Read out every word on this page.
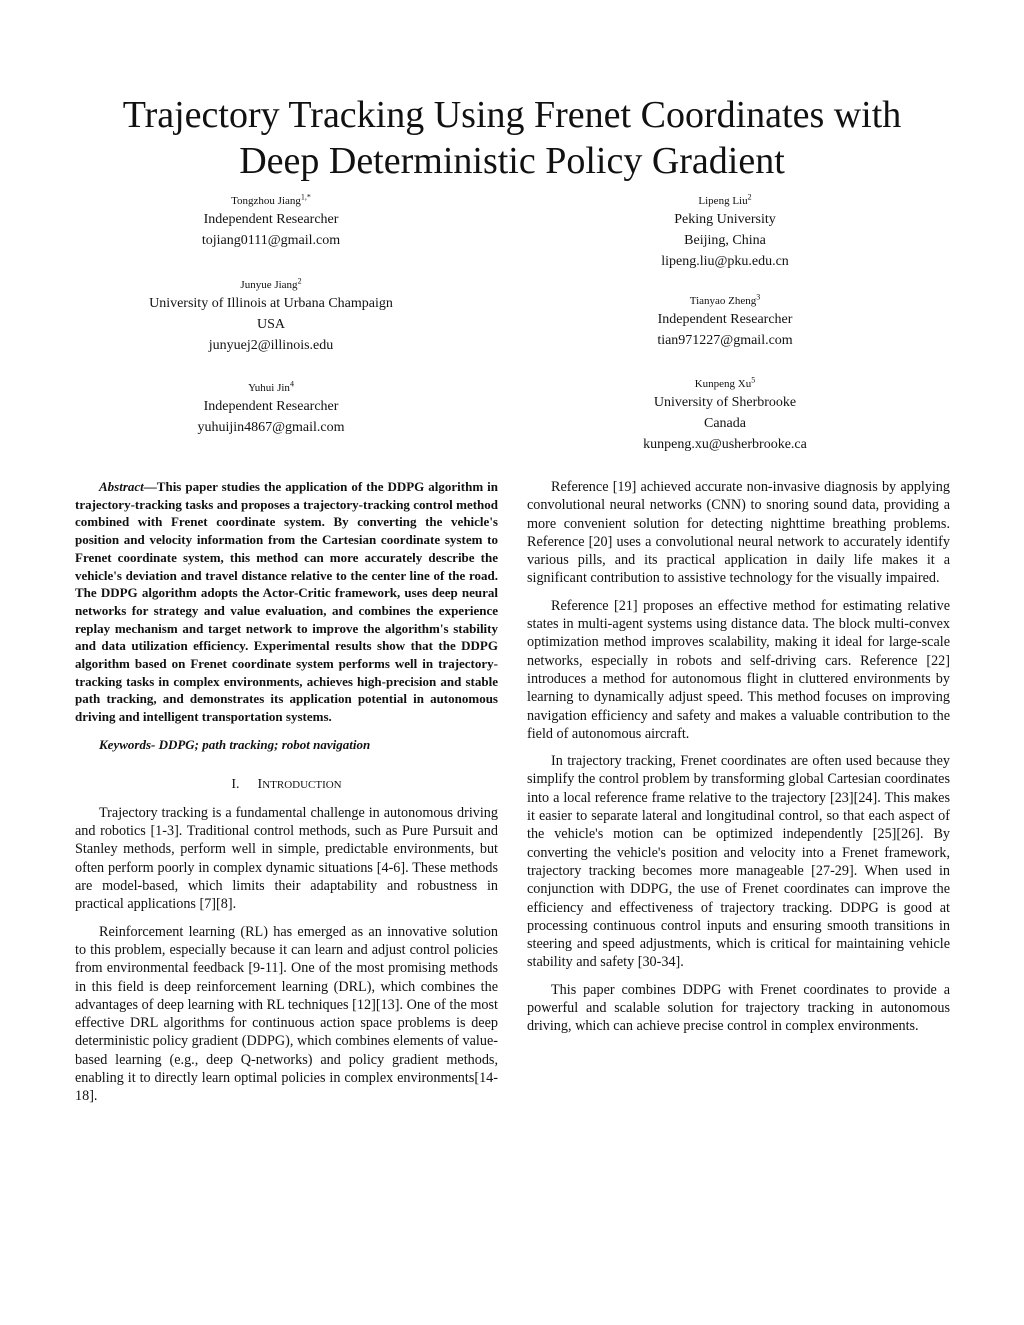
Trajectory Tracking Using Frenet Coordinates with
Deep Deterministic Policy Gradient
Tongzhou Jiang$^{1,*}$
Independent Researcher
tojiang0111@gmail.com
Lipeng Liu$^2$
Peking University
Beijing, China
lipeng.liu@pku.edu.cn
Junyue Jiang$^2$
University of Illinois at Urbana Champaign
USA
junyuej2@illinois.edu
Tianyao Zheng$^3$
Independent Researcher
tian971227@gmail.com
Yuhui Jin$^4$
Independent Researcher
yuhuijin4867@gmail.com
Kunpeng Xu$^5$
University of Sherbrooke
Canada
kunpeng.xu@usherbrooke.ca

Abstract—This paper studies the application of the DDPG algorithm in trajectory-tracking tasks and proposes a trajectory-tracking control method combined with Frenet coordinate system. By converting the vehicle's position and velocity information from the Cartesian coordinate system to Frenet coordinate system, this method can more accurately describe the vehicle's deviation and travel distance relative to the center line of the road. The DDPG algorithm adopts the Actor-Critic framework, uses deep neural networks for strategy and value evaluation, and combines the experience replay mechanism and target network to improve the algorithm's stability and data utilization efficiency. Experimental results show that the DDPG algorithm based on Frenet coordinate system performs well in trajectory-tracking tasks in complex environments, achieves high-precision and stable path tracking, and demonstrates its application potential in autonomous driving and intelligent transportation systems.

Keywords- DDPG; path tracking; robot navigation

I. INTRODUCTION

Trajectory tracking is a fundamental challenge in autonomous driving and robotics [1-3]. Traditional control methods, such as Pure Pursuit and Stanley methods, perform well in simple, predictable environments, but often perform poorly in complex dynamic situations [4-6]. These methods are model-based, which limits their adaptability and robustness in practical applications [7][8].

Reinforcement learning (RL) has emerged as an innovative solution to this problem, especially because it can learn and adjust control policies from environmental feedback [9-11]. One of the most promising methods in this field is deep reinforcement learning (DRL), which combines the advantages of deep learning with RL techniques [12][13]. One of the most effective DRL algorithms for continuous action space problems is deep deterministic policy gradient (DDPG), which combines elements of value-based learning (e.g., deep Q-networks) and policy gradient methods, enabling it to directly learn optimal policies in complex environments[14-18].

Reference [19] achieved accurate non-invasive diagnosis by applying convolutional neural networks (CNN) to snoring sound data, providing a more convenient solution for detecting nighttime breathing problems. Reference [20] uses a convolutional neural network to accurately identify various pills, and its practical application in daily life makes it a significant contribution to assistive technology for the visually impaired.

Reference [21] proposes an effective method for estimating relative states in multi-agent systems using distance data. The block multi-convex optimization method improves scalability, making it ideal for large-scale networks, especially in robots and self-driving cars. Reference [22] introduces a method for autonomous flight in cluttered environments by learning to dynamically adjust speed. This method focuses on improving navigation efficiency and safety and makes a valuable contribution to the field of autonomous aircraft.

In trajectory tracking, Frenet coordinates are often used because they simplify the control problem by transforming global Cartesian coordinates into a local reference frame relative to the trajectory [23][24]. This makes it easier to separate lateral and longitudinal control, so that each aspect of the vehicle's motion can be optimized independently [25][26]. By converting the vehicle's position and velocity into a Frenet framework, trajectory tracking becomes more manageable [27-29]. When used in conjunction with DDPG, the use of Frenet coordinates can improve the efficiency and effectiveness of trajectory tracking. DDPG is good at processing continuous control inputs and ensuring smooth transitions in steering and speed adjustments, which is critical for maintaining vehicle stability and safety [30-34].

This paper combines DDPG with Frenet coordinates to provide a powerful and scalable solution for trajectory tracking in autonomous driving, which can achieve precise control in complex environments.
